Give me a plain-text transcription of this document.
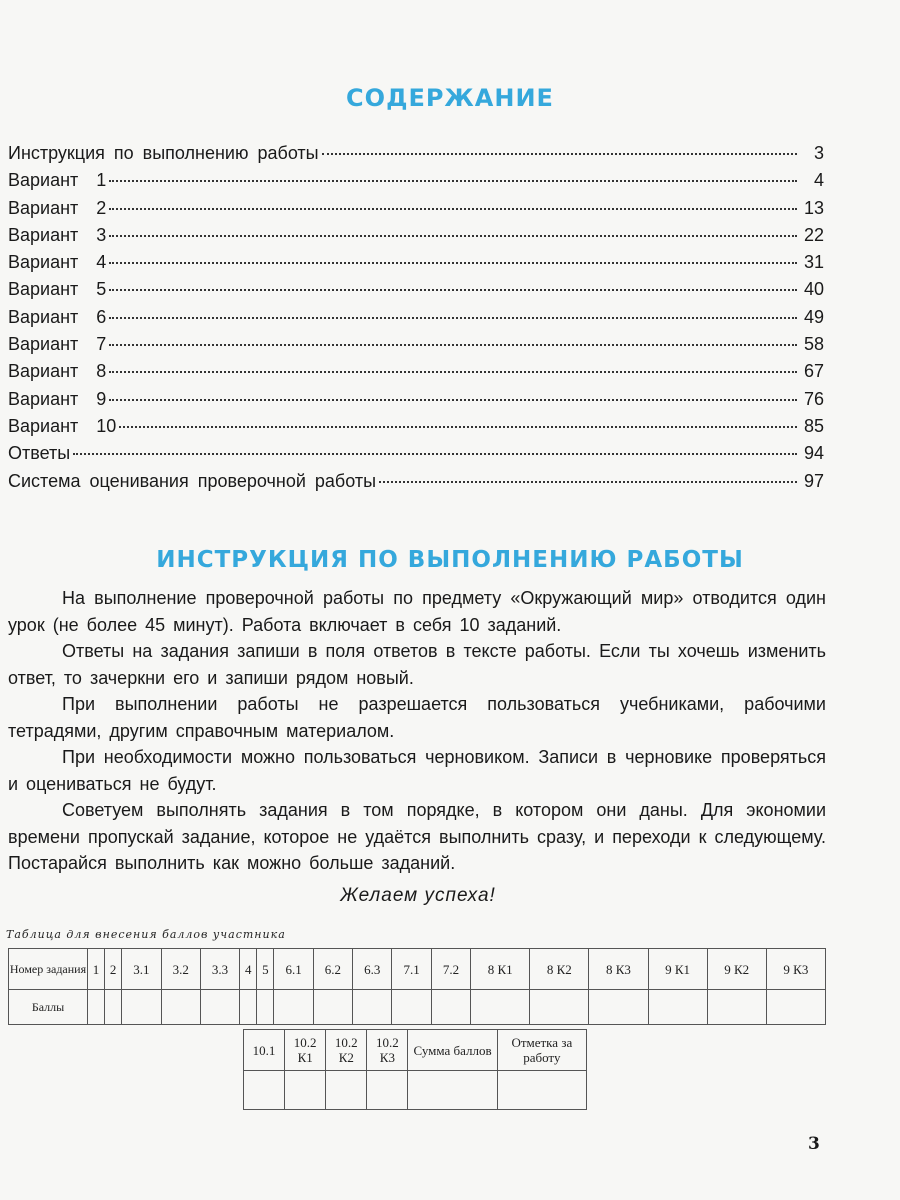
СОДЕРЖАНИЕ
Инструкция по выполнению работы	3
Вариант  1	4
Вариант  2	13
Вариант  3	22
Вариант  4	31
Вариант  5	40
Вариант  6	49
Вариант  7	58
Вариант  8	67
Вариант  9	76
Вариант  10	85
Ответы	94
Система оценивания проверочной работы	97
ИНСТРУКЦИЯ ПО ВЫПОЛНЕНИЮ РАБОТЫ

На выполнение проверочной работы по предмету «Окружающий мир» отводится один урок (не более 45 минут). Работа включает в себя 10 заданий.

Ответы на задания запиши в поля ответов в тексте работы. Если ты хочешь изменить ответ, то зачеркни его и запиши рядом новый.

При выполнении работы не разрешается пользоваться учебниками, рабочими тетрадями, другим справочным материалом.

При необходимости можно пользоваться черновиком. Записи в черновике проверяться и оцениваться не будут.

Советуем выполнять задания в том порядке, в котором они даны. Для экономии времени пропускай задание, которое не удаётся выполнить сразу, и переходи к следующему. Постарайся выполнить как можно больше заданий.

Желаем успеха!
Таблица для внесения баллов участника
Номер задания	1	2	3.1	3.2	3.3	4	5	6.1	6.2	6.3	7.1	7.2	8 К1	8 К2	8 К3	9 К1	9 К2	9 К3
Баллы																		
10.1	10.2 К1	10.2 К2	10.2 К3	Сумма баллов	Отметка за работу

3
